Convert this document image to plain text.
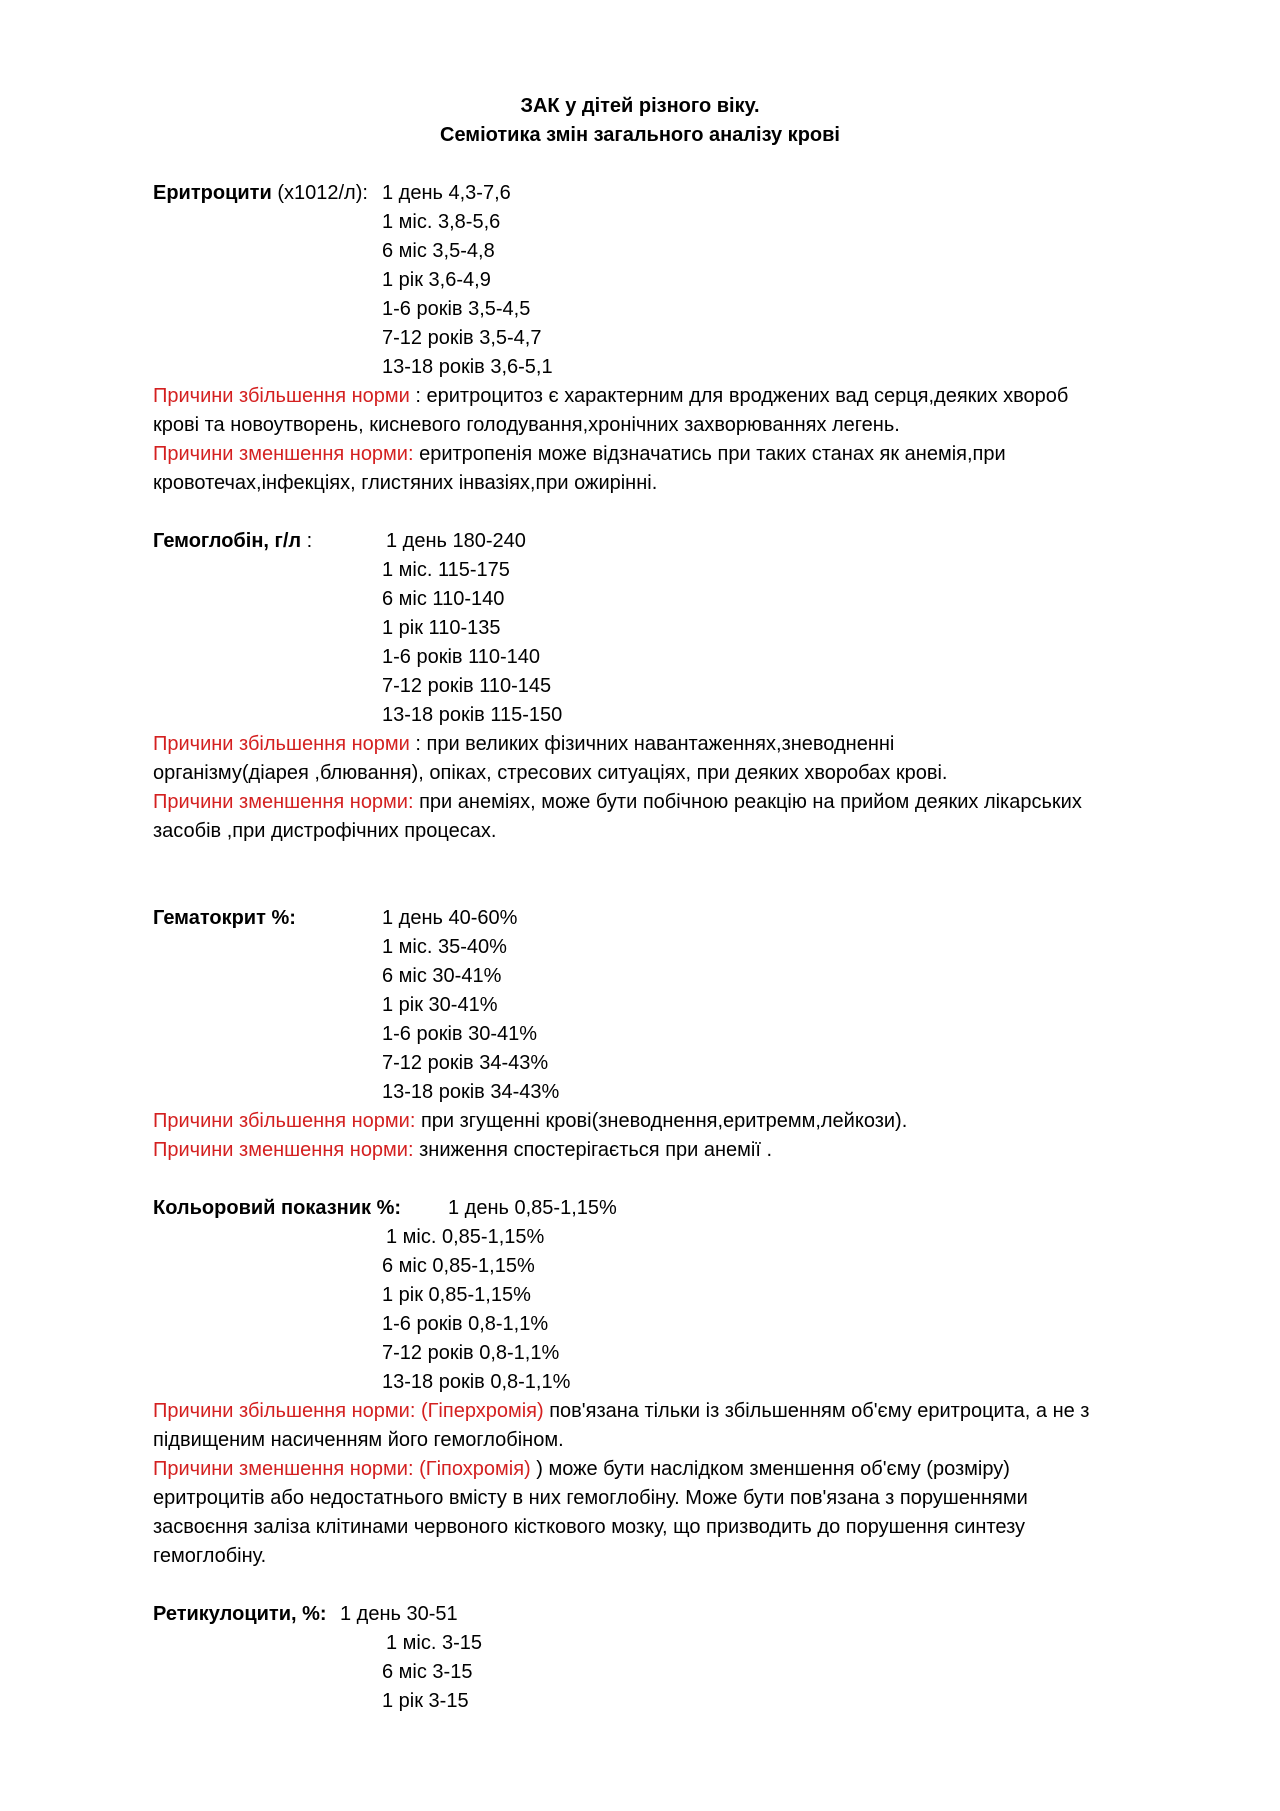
ЗАК у дітей різного віку.
Семіотика змін загального аналізу крові
Еритроцити (х1012/л): 1 день 4,3-7,6
1 міс. 3,8-5,6
6 міс 3,5-4,8
1 рік 3,6-4,9
1-6 років 3,5-4,5
7-12 років 3,5-4,7
13-18 років 3,6-5,1
Причини збільшення норми : еритроцитоз є характерним для вроджених вад серця,деяких хвороб
крові та новоутворень, кисневого голодування,хронічних захворюваннях легень.
Причини зменшення норми: еритропенія може відзначатись при таких станах як анемія,при
кровотечах,інфекціях, глистяних інвазіях,при ожирінні.
Гемоглобін, г/л :	1 день 180-240
1 міс. 115-175
6 міс 110-140
1 рік 110-135
1-6 років 110-140
7-12 років 110-145
13-18 років 115-150
Причини збільшення норми : при великих фізичних навантаженнях,зневодненні
організму(діарея ,блювання), опіках, стресових ситуаціях, при деяких хворобах крові.
Причини зменшення норми: при анеміях, може бути побічною реакцію на прийом деяких лікарських
засобів ,при дистрофічних процесах.
Гематокрит %:	1 день 40-60%
1 міс. 35-40%
6 міс 30-41%
1 рік 30-41%
1-6 років 30-41%
7-12 років 34-43%
13-18 років 34-43%
Причини збільшення норми: при згущенні крові(зневоднення,еритремм,лейкози).
Причини зменшення норми: зниження спостерігається при анемії .
Кольоровий показник %: 1 день 0,85-1,15%
1 міс. 0,85-1,15%
6 міс 0,85-1,15%
1 рік 0,85-1,15%
1-6 років 0,8-1,1%
7-12 років 0,8-1,1%
13-18 років 0,8-1,1%
Причини збільшення норми: (Гіперхромія) пов'язана тільки із збільшенням об'єму еритроцита, а не з
підвищеним насиченням його гемоглобіном.
Причини зменшення норми: (Гіпохромія) ) може бути наслідком зменшення об'єму (розміру)
еритроцитів або недостатнього вмісту в них гемоглобіну. Може бути пов'язана з порушеннями
засвоєння заліза клітинами червоного кісткового мозку, що призводить до порушення синтезу
гемоглобіну.
Ретикулоцити, %: 1 день 30-51
1 міс. 3-15
6 міс 3-15
1 рік 3-15
